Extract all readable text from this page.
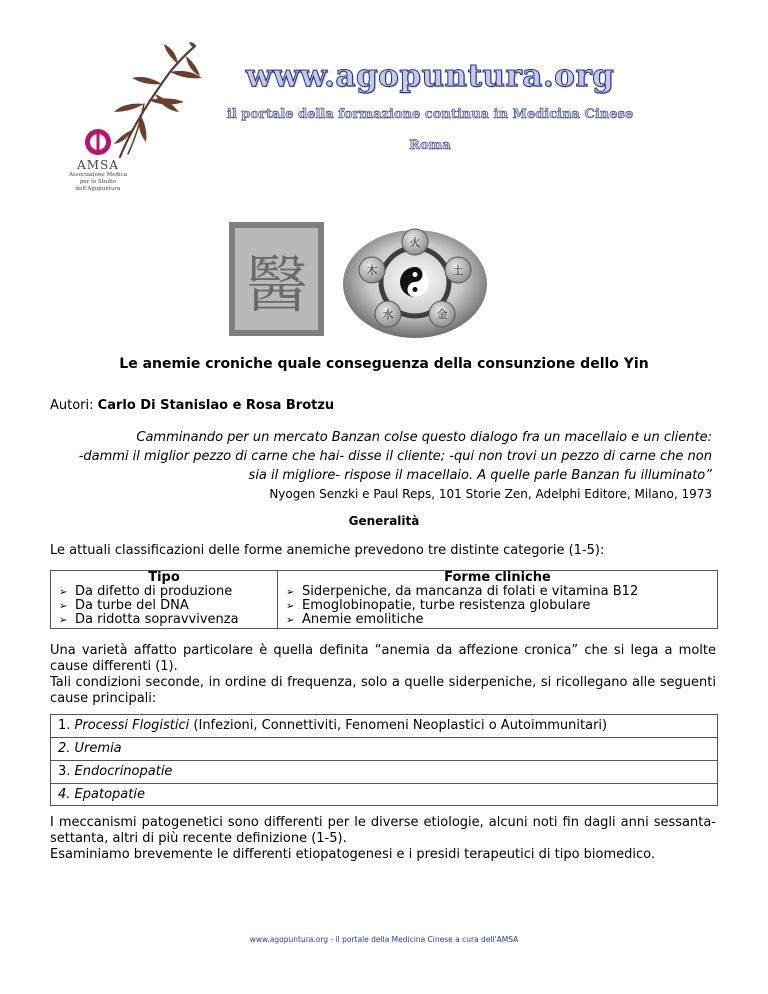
www.agopuntura.org
il portale della formazione continua in Medicina Cinese
Roma
AMSA
Associazione Medica
per lo Studio
dell'Agopuntura
醫
火
土
金
水
木
Le anemie croniche quale conseguenza della consunzione dello Yin
Autori: Carlo Di Stanislao e Rosa Brotzu
Camminando per un mercato Banzan colse questo dialogo fra un macellaio e un cliente:
-dammi il miglior pezzo di carne che hai- disse il cliente; -qui non trovi un pezzo di carne che non
sia il migliore- rispose il macellaio. A quelle parle Banzan fu illuminato”
Nyogen Senzki e Paul Reps, 101 Storie Zen, Adelphi Editore, Milano, 1973
Generalità
Le attuali classificazioni delle forme anemiche prevedono tre distinte categorie (1-5):
Tipo
➢ Da difetto di produzione
➢ Da turbe del DNA
➢ Da ridotta sopravvivenza
Forme cliniche
➢ Siderpeniche, da mancanza di folati e vitamina B12
➢ Emoglobinopatie, turbe resistenza globulare
➢ Anemie emolitiche
Una varietà affatto particolare è quella definita “anemia da affezione cronica” che si lega a molte
cause differenti (1).
Tali condizioni seconde, in ordine di frequenza, solo a quelle siderpeniche, si ricollegano alle seguenti
cause principali:
1. Processi Flogistici (Infezioni, Connettiviti, Fenomeni Neoplastici o Autoimmunitari)
2. Uremia
3. Endocrinopatie
4. Epatopatie
I meccanismi patogenetici sono differenti per le diverse etiologie, alcuni noti fin dagli anni sessanta-
settanta, altri di più recente definizione (1-5).
Esaminiamo brevemente le differenti etiopatogenesi e i presidi terapeutici di tipo biomedico.
www.agopuntura.org - il portale della Medicina Cinese a cura dell'AMSA
